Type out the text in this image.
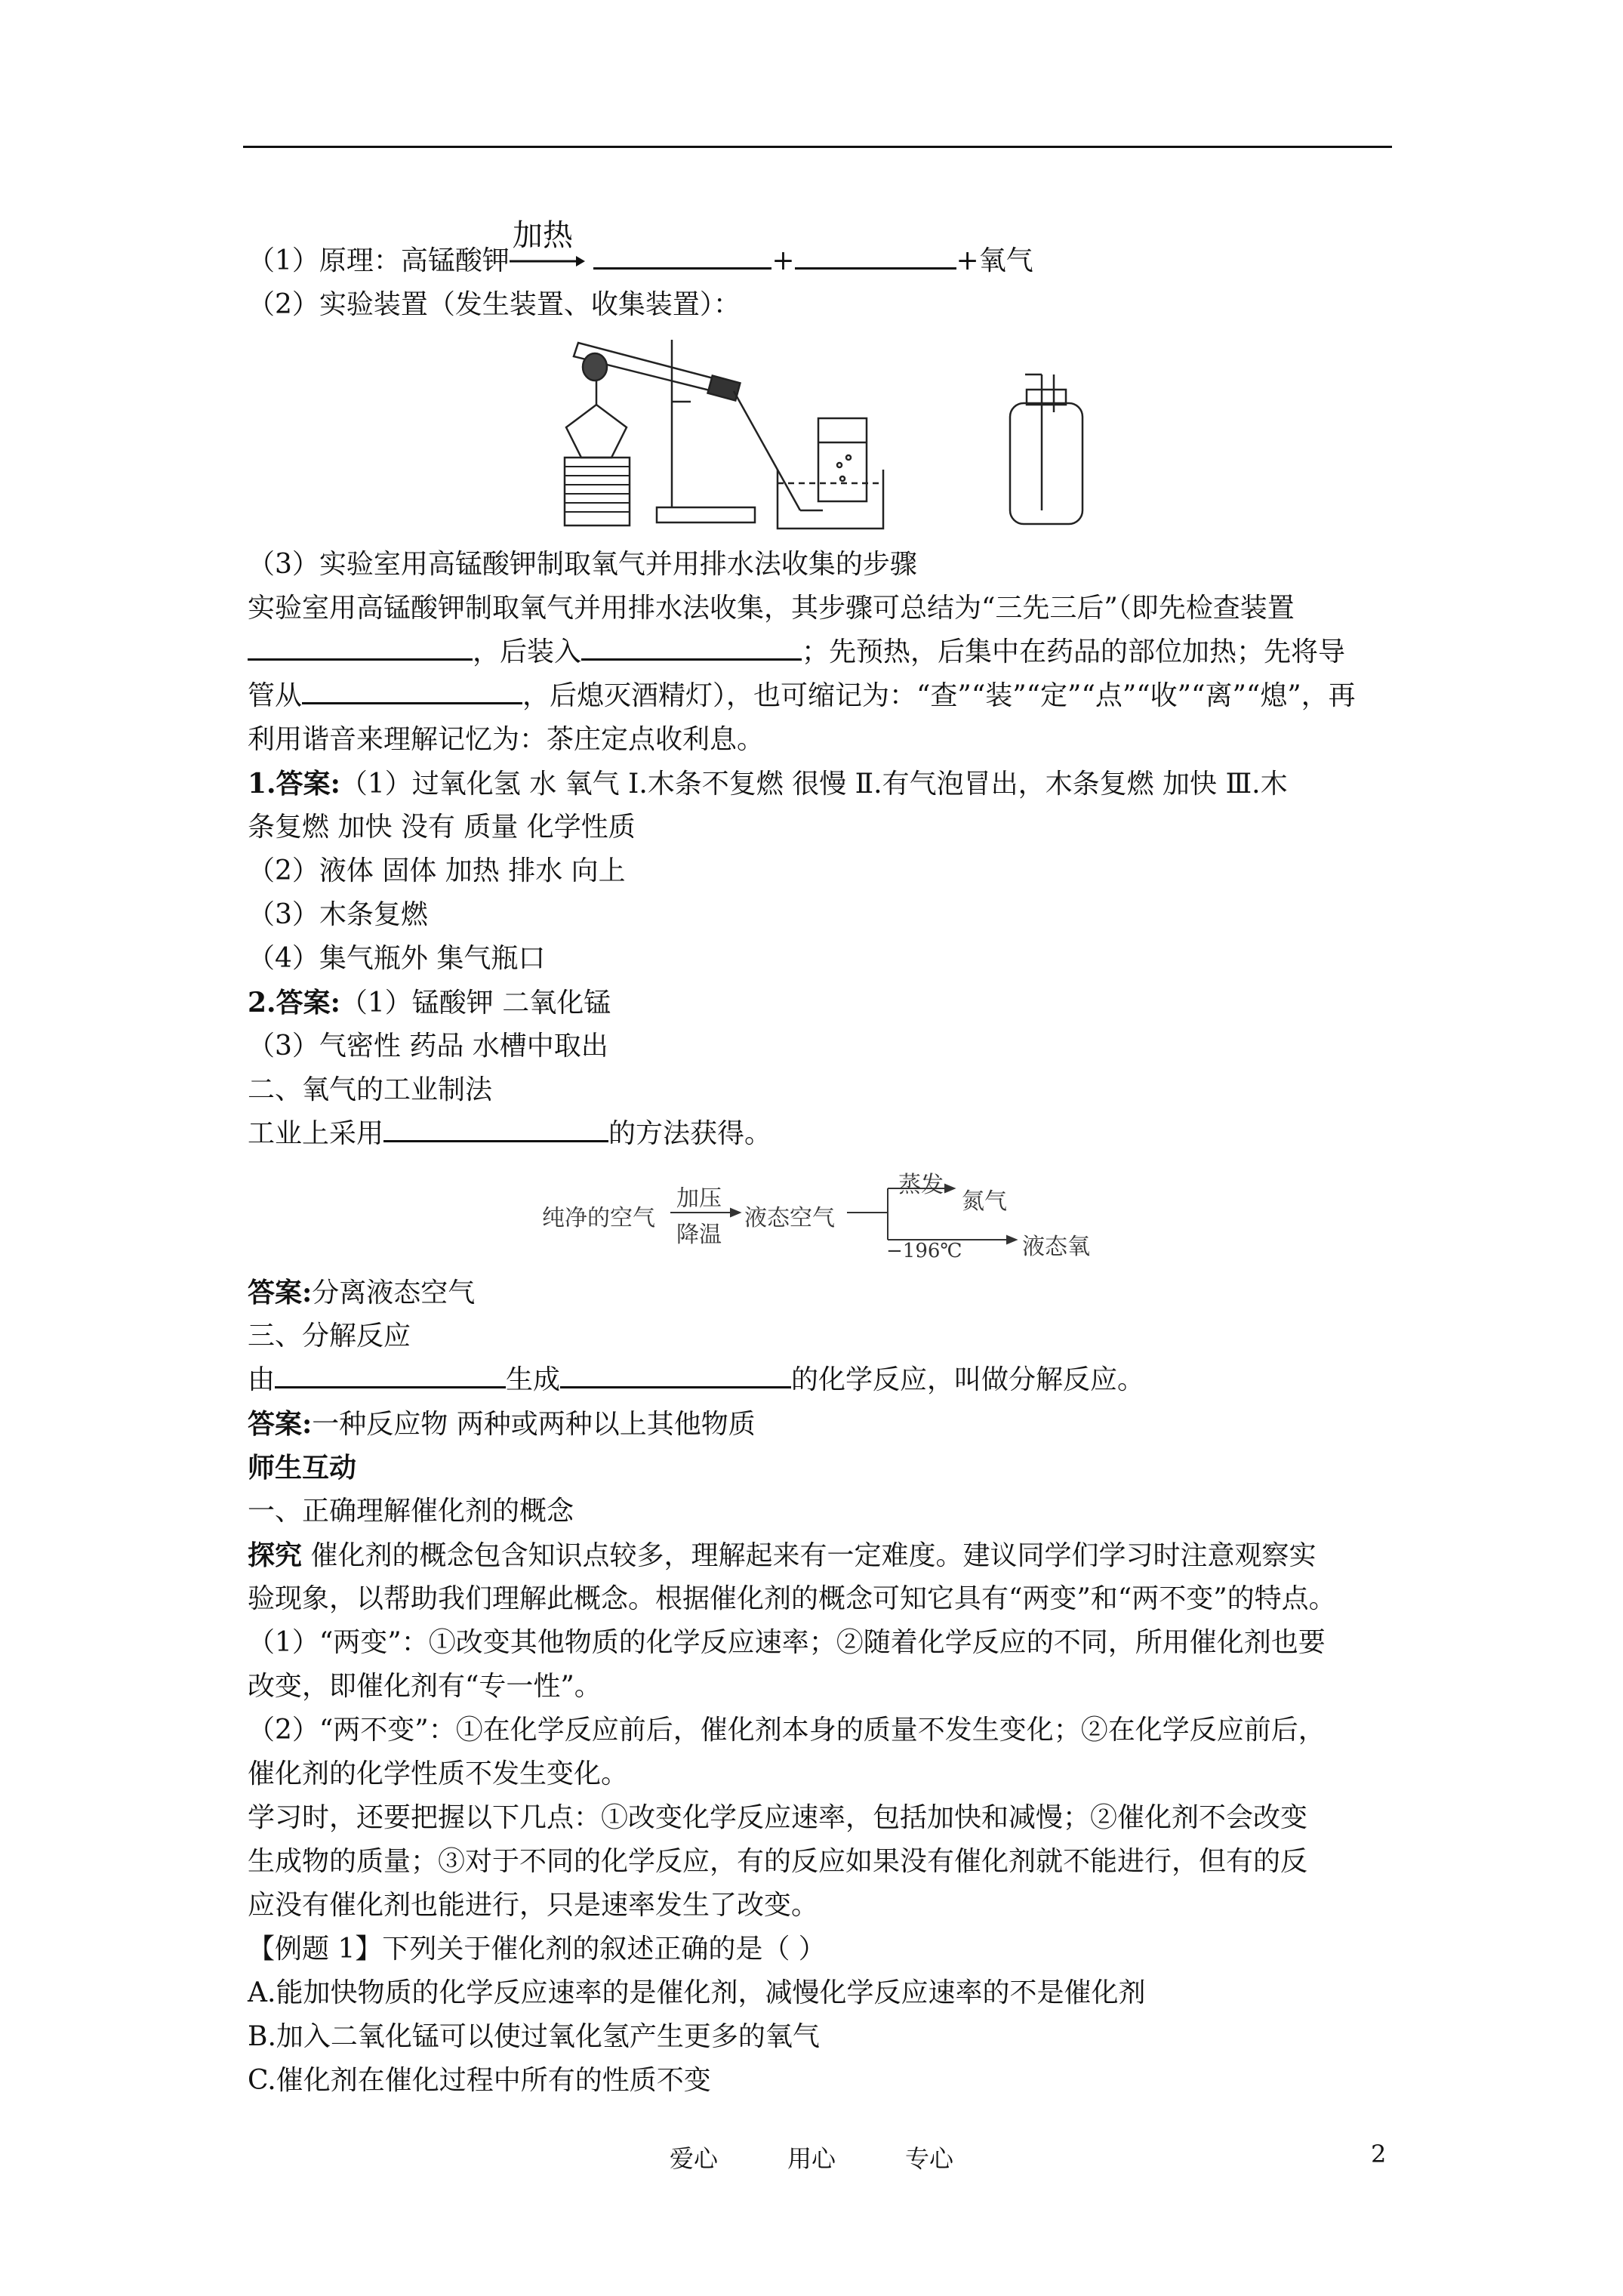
（1）原理：高锰酸钾
加热
+	+氧气
（2）实验装置（发生装置、收集装置）：
（3）实验室用高锰酸钾制取氧气并用排水法收集的步骤
实验室用高锰酸钾制取氧气并用排水法收集，其步骤可总结为“三先三后”（即先检查装置
，后装入	；先预热，后集中在药品的部位加热；先将导
管从	，后熄灭酒精灯），也可缩记为：“查”“装”“定”“点”“收”“离”“熄”，再
利用谐音来理解记忆为：茶庄定点收利息。
1.答案:（1）过氧化氢 水 氧气 Ⅰ.木条不复燃 很慢 Ⅱ.有气泡冒出，木条复燃 加快 Ⅲ.木
条复燃 加快 没有 质量 化学性质
（2）液体 固体 加热 排水 向上
（3）木条复燃
（4）集气瓶外 集气瓶口
2.答案:（1）锰酸钾 二氧化锰
（3）气密性 药品 水槽中取出
二、氧气的工业制法
工业上采用	的方法获得。
纯净的空气
加压
降温
液态空气
蒸发
氮气
−196℃	液态氧
答案:分离液态空气
三、分解反应
由	生成	的化学反应，叫做分解反应。
答案:一种反应物 两种或两种以上其他物质
师生互动
一、正确理解催化剂的概念
探究 催化剂的概念包含知识点较多，理解起来有一定难度。建议同学们学习时注意观察实
验现象，以帮助我们理解此概念。根据催化剂的概念可知它具有“两变”和“两不变”的特点。
（1）“两变”：①改变其他物质的化学反应速率；②随着化学反应的不同，所用催化剂也要
改变，即催化剂有“专一性”。
（2）“两不变”：①在化学反应前后，催化剂本身的质量不发生变化；②在化学反应前后，
催化剂的化学性质不发生变化。
学习时，还要把握以下几点：①改变化学反应速率，包括加快和减慢；②催化剂不会改变
生成物的质量；③对于不同的化学反应，有的反应如果没有催化剂就不能进行，但有的反
应没有催化剂也能进行，只是速率发生了改变。
【例题 1】下列关于催化剂的叙述正确的是（ ）
A.能加快物质的化学反应速率的是催化剂，减慢化学反应速率的不是催化剂
B.加入二氧化锰可以使过氧化氢产生更多的氧气
C.催化剂在催化过程中所有的性质不变
爱心	用心	专心	2
